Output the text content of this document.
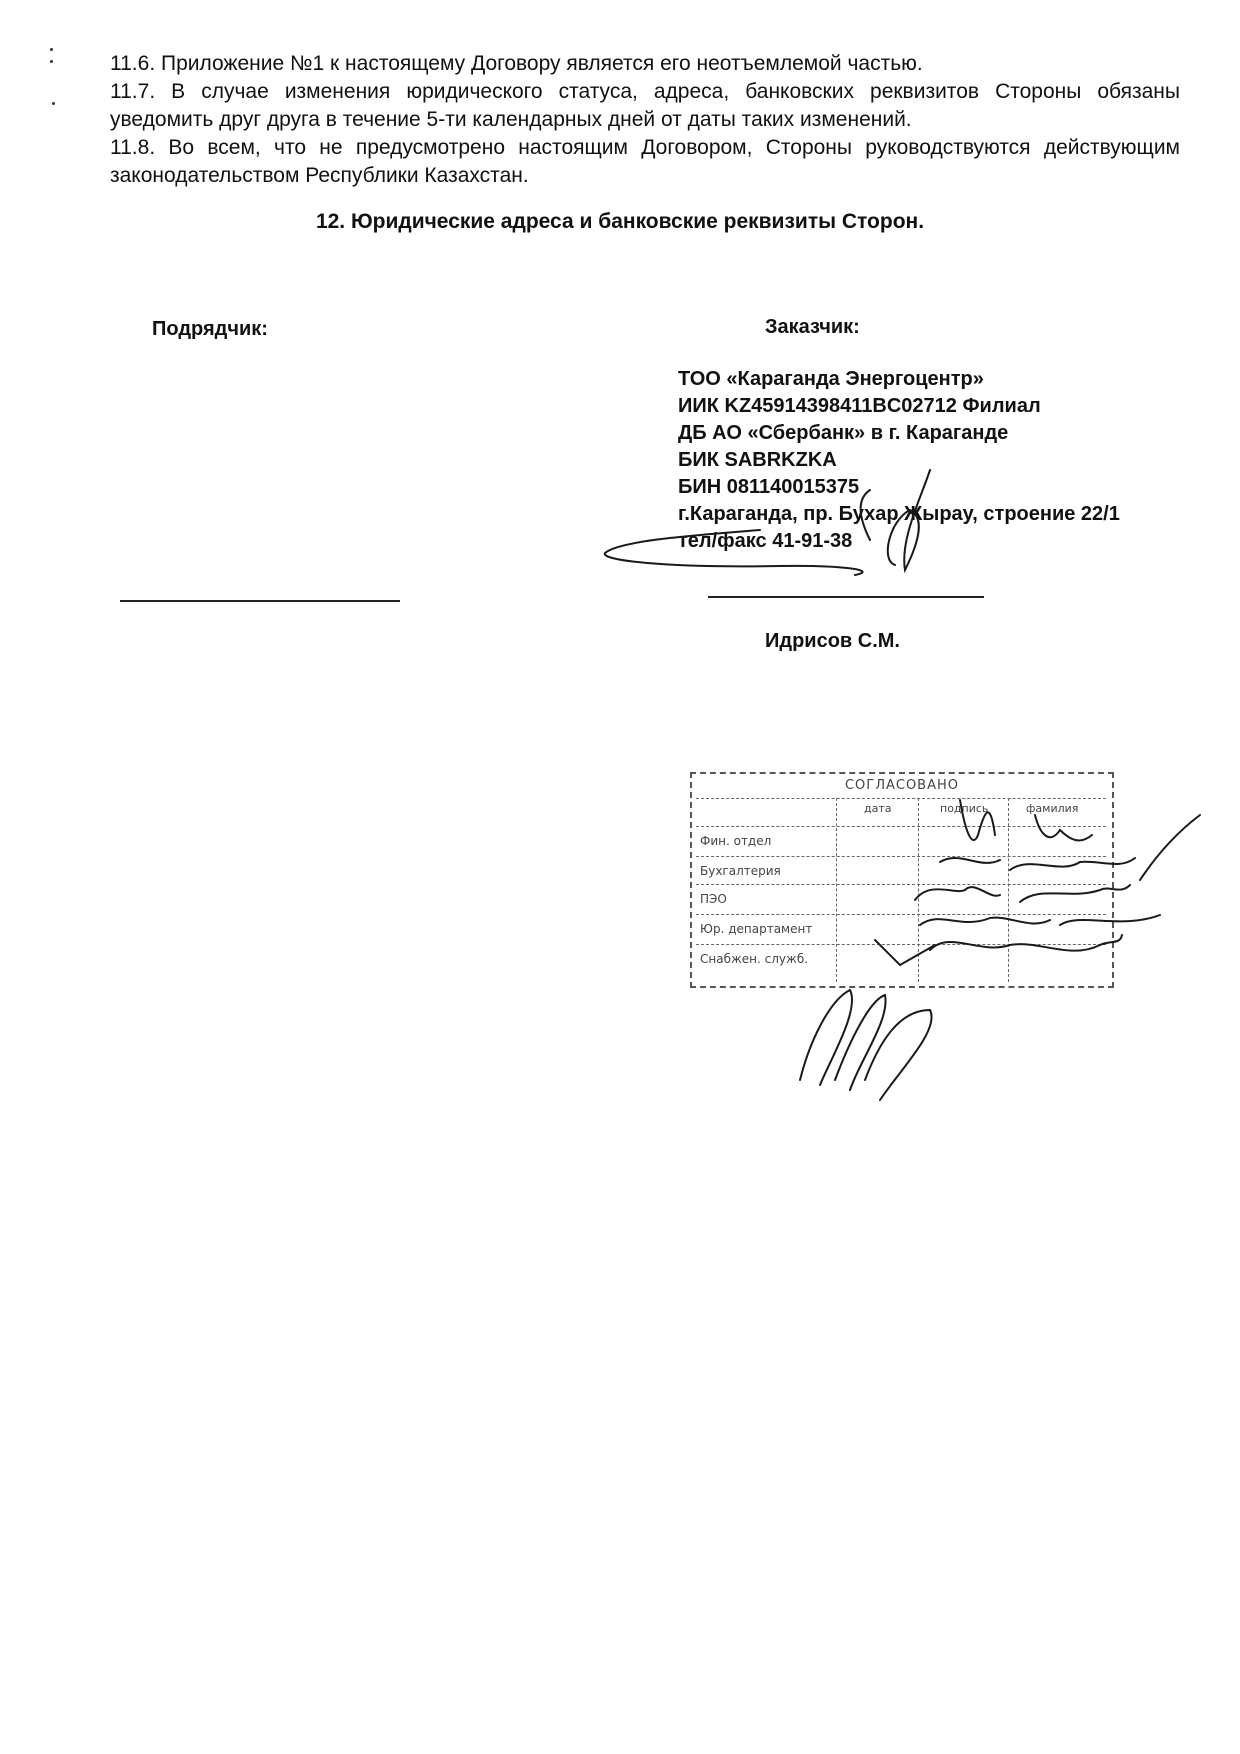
11.6. Приложение №1 к настоящему Договору является его неотъемлемой частью.
11.7. В случае изменения юридического статуса, адреса, банковских реквизитов Стороны обязаны уведомить друг друга в течение 5-ти календарных дней от даты таких изменений.
11.8. Во всем, что не предусмотрено настоящим Договором, Стороны руководствуются действующим законодательством Республики Казахстан.
12. Юридические адреса и банковские реквизиты Сторон.
Подрядчик:	Заказчик:
ТОО «Караганда Энергоцентр»
ИИК KZ45914398411BC02712 Филиал
ДБ АО «Сбербанк» в г. Караганде
БИК SABRKZKA
БИН 081140015375
г.Караганда, пр. Бухар Жырау, строение 22/1
тел/факс 41-91-38
Идрисов С.М.
СОГЛАСОВАНО
дата	подпись	фамилия
Фин. отдел
Бухгалтерия
ПЭО
Юр. департамент
Снабжен. служб.
